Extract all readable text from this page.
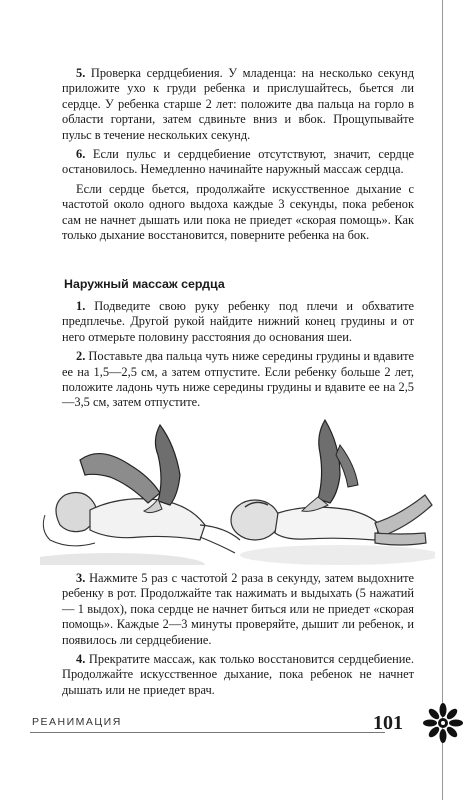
5. Проверка сердцебиения. У младенца: на несколько секунд приложите ухо к груди ребенка и прислушайтесь, бьется ли сердце. У ребенка старше 2 лет: положите два пальца на горло в области гортани, затем сдвиньте вниз и вбок. Прощупывайте пульс в течение нескольких секунд.

6. Если пульс и сердцебиение отсутствуют, значит, сердце остановилось. Немедленно начинайте наружный массаж сердца.

Если сердце бьется, продолжайте искусственное дыхание с частотой около одного выдоха каждые 3 секунды, пока ребенок сам не начнет дышать или пока не приедет «скорая помощь». Как только дыхание восстановится, поверните ребенка на бок.

Наружный массаж сердца

1. Подведите свою руку ребенку под плечи и обхватите предплечье. Другой рукой найдите нижний конец грудины и от него отмерьте половину расстояния до основания шеи.

2. Поставьте два пальца чуть ниже середины грудины и вдавите ее на 1,5—2,5 см, а затем отпустите. Если ребенку больше 2 лет, положите ладонь чуть ниже середины грудины и вдавите ее на 2,5—3,5 см, затем отпустите.

3. Нажмите 5 раз с частотой 2 раза в секунду, затем выдохните ребенку в рот. Продолжайте так нажимать и выдыхать (5 нажатий — 1 выдох), пока сердце не начнет биться или не приедет «скорая помощь». Каждые 2—3 минуты проверяйте, дышит ли ребенок, и появилось ли сердцебиение.

4. Прекратите массаж, как только восстановится сердцебиение. Продолжайте искусственное дыхание, пока ребенок не начнет дышать или не приедет врач.

РЕАНИМАЦИЯ	101
